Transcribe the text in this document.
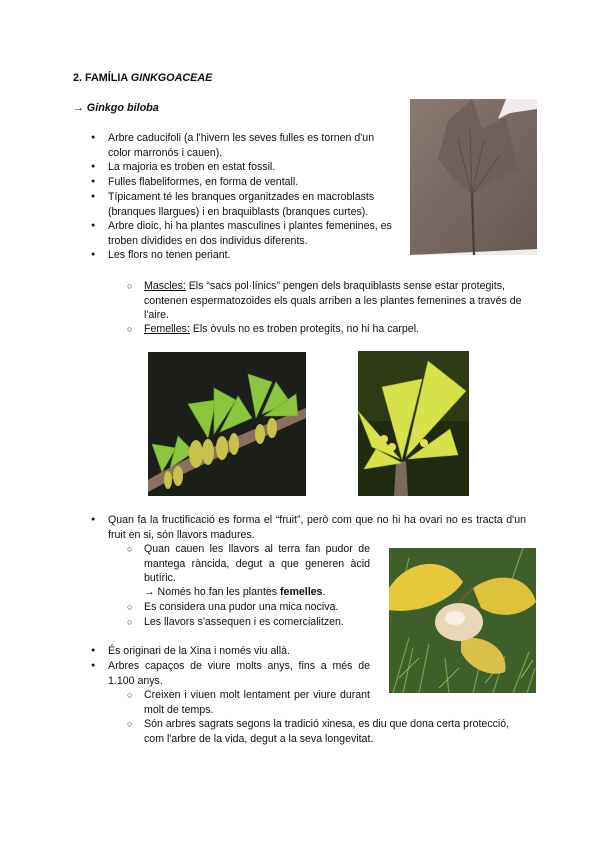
2. FAMÍLIA GINKGOACEAE
→ Ginkgo biloba

● Arbre caducifoli (a l'hivern les seves fulles es tornen d'un color marronós i cauen).

● La majoria es troben en estat fossil.

● Fulles flabeliformes, en forma de ventall.

● Típicament té les branques organitzades en macroblasts (branques llargues) i en braquiblasts (branques curtes).

● Arbre dioic, hi ha plantes masculines i plantes femenines, es troben dividides en dos individus diferents.

● Les flors no tenen periant.

○ Mascles: Els “sacs pol·línics” pengen dels braquiblasts sense estar protegits, contenen espermatozoides els quals arriben a les plantes femenines a través de l'aire.

○ Femelles: Els òvuls no es troben protegits, no hi ha carpel.

● Quan fa la fructificació es forma el “fruit”, però com que no hi ha ovari no es tracta d'un fruit en si, són llavors madures.

○ Quan cauen les llavors al terra fan pudor de mantega ràncida, degut a que generen àcid butíric.

→ Només ho fan les plantes femelles.

○ Es considera una pudor una mica nociva.

○ Les llavors s'assequen i es comercialitzen.

● És originari de la Xina i només viu allà.

● Arbres capaços de viure molts anys, fins a més de 1.100 anys.

○ Creixen i viuen molt lentament per viure durant molt de temps.

○ Són arbres sagrats segons la tradició xinesa, es diu que dona certa protecció, com l'arbre de la vida, degut a la seva longevitat.
